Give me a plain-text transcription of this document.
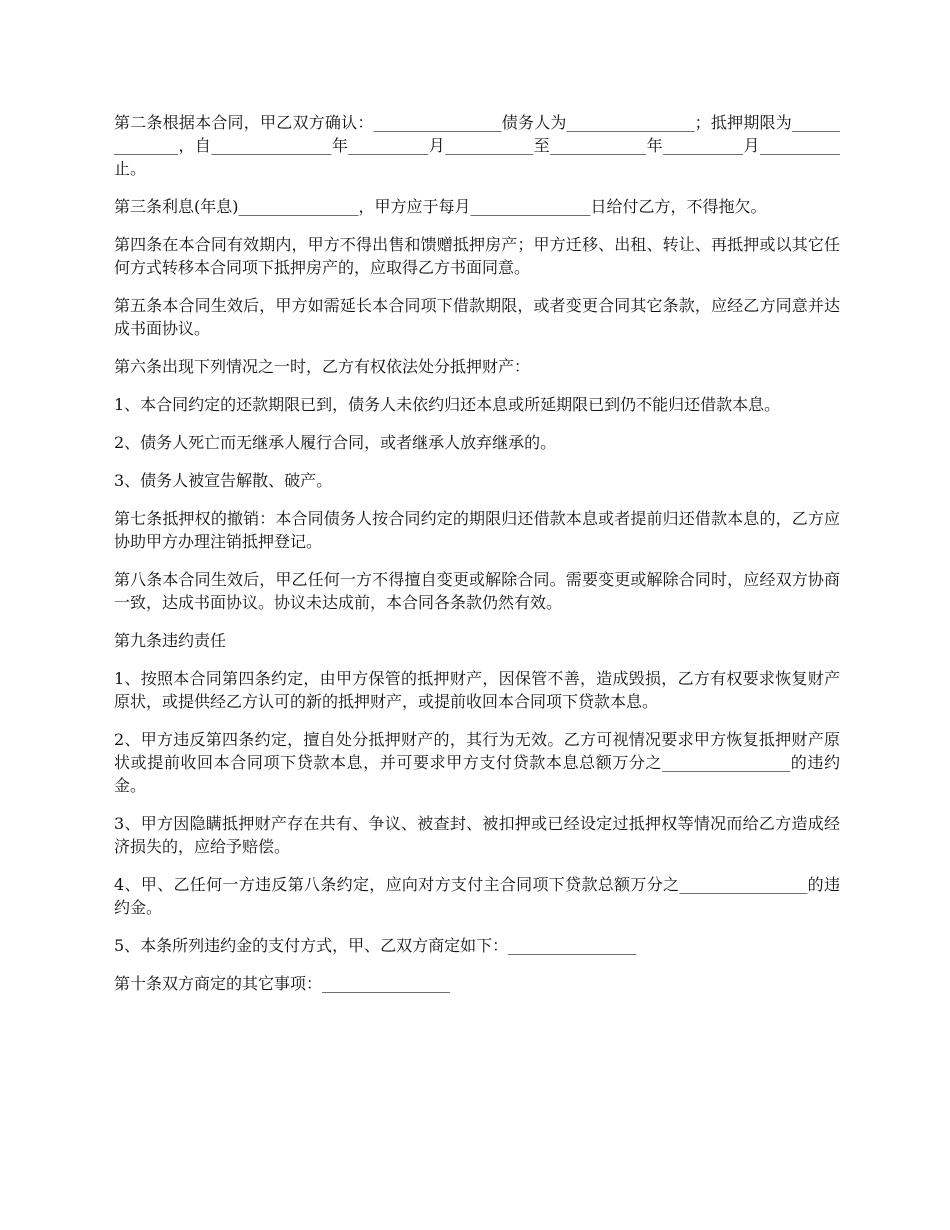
第二条根据本合同，甲乙双方确认：________________债务人为________________；抵押期限为______________，自_______________年__________月___________至____________年__________月__________止。

第三条利息(年息)_______________，甲方应于每月_______________日给付乙方，不得拖欠。

第四条在本合同有效期内，甲方不得出售和馈赠抵押房产；甲方迁移、出租、转让、再抵押或以其它任何方式转移本合同项下抵押房产的，应取得乙方书面同意。

第五条本合同生效后，甲方如需延长本合同项下借款期限，或者变更合同其它条款，应经乙方同意并达成书面协议。

第六条出现下列情况之一时，乙方有权依法处分抵押财产：

1、本合同约定的还款期限已到，债务人未依约归还本息或所延期限已到仍不能归还借款本息。

2、债务人死亡而无继承人履行合同，或者继承人放弃继承的。

3、债务人被宣告解散、破产。

第七条抵押权的撤销：本合同债务人按合同约定的期限归还借款本息或者提前归还借款本息的，乙方应协助甲方办理注销抵押登记。

第八条本合同生效后，甲乙任何一方不得擅自变更或解除合同。需要变更或解除合同时，应经双方协商一致，达成书面协议。协议未达成前，本合同各条款仍然有效。

第九条违约责任

1、按照本合同第四条约定，由甲方保管的抵押财产，因保管不善，造成毁损，乙方有权要求恢复财产原状，或提供经乙方认可的新的抵押财产，或提前收回本合同项下贷款本息。

2、甲方违反第四条约定，擅自处分抵押财产的，其行为无效。乙方可视情况要求甲方恢复抵押财产原状或提前收回本合同项下贷款本息，并可要求甲方支付贷款本息总额万分之________________的违约金。

3、甲方因隐瞒抵押财产存在共有、争议、被查封、被扣押或已经设定过抵押权等情况而给乙方造成经济损失的，应给予赔偿。

4、甲、乙任何一方违反第八条约定，应向对方支付主合同项下贷款总额万分之________________的违约金。

5、本条所列违约金的支付方式，甲、乙双方商定如下：________________

第十条双方商定的其它事项：________________
